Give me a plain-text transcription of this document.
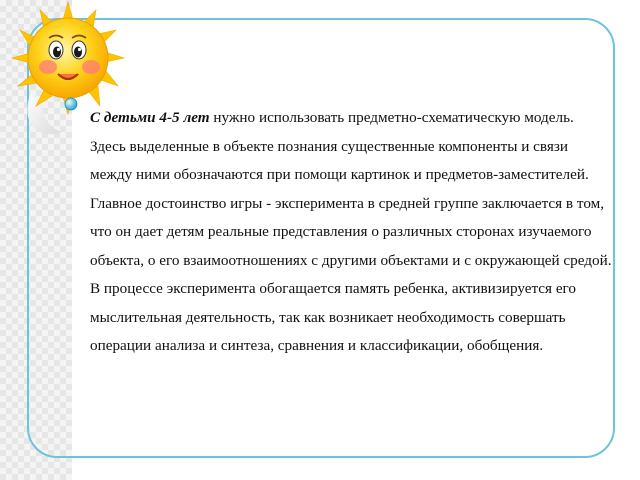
С детьми 4-5 лет нужно использовать предметно-схематическую модель. Здесь выделенные в объекте познания существенные компоненты и связи между ними обозначаются при помощи картинок и предметов-заместителей.

Главное достоинство игры - эксперимента в средней группе заключается в том, что он дает детям реальные представления о различных сторонах изучаемого объекта, о его взаимоотношениях с другими объектами и с окружающей средой. В процессе эксперимента обогащается память ребенка, активизируется его мыслительная деятельность, так как возникает необходимость совершать операции анализа и синтеза, сравнения и классификации, обобщения.
